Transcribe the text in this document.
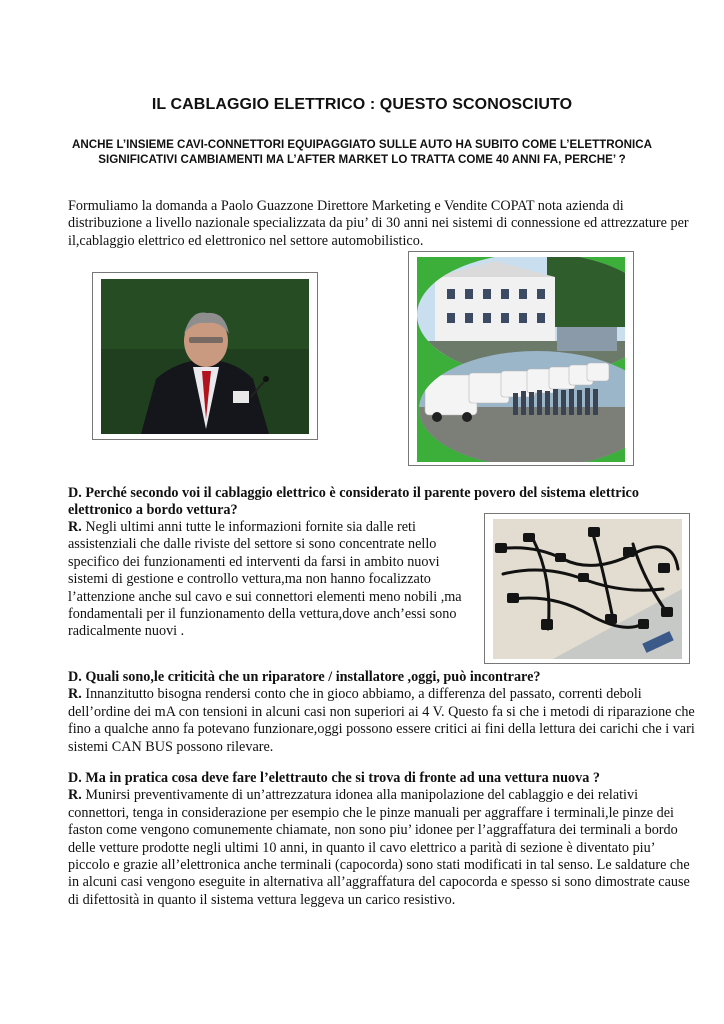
IL CABLAGGIO ELETTRICO : QUESTO SCONOSCIUTO
ANCHE L’INSIEME CAVI-CONNETTORI EQUIPAGGIATO SULLE AUTO HA SUBITO COME L’ELETTRONICA
SIGNIFICATIVI CAMBIAMENTI MA L’AFTER MARKET LO TRATTA COME 40 ANNI FA, PERCHE’ ?

Formuliamo la domanda a Paolo Guazzone Direttore Marketing e Vendite COPAT nota azienda di distribuzione a livello nazionale specializzata da piu’ di 30 anni nei sistemi di connessione ed attrezzature per il,cablaggio elettrico ed elettronico nel settore automobilistico.

D. Perché secondo voi il cablaggio elettrico è considerato il parente povero del sistema elettrico elettronico a bordo vettura?

R. Negli ultimi anni tutte le informazioni fornite sia dalle reti assistenziali che dalle riviste del settore si sono concentrate nello specifico dei funzionamenti ed interventi da farsi in ambito nuovi sistemi di gestione e controllo vettura,ma non hanno focalizzato l’attenzione anche sul cavo e sui connettori elementi meno nobili ,ma fondamentali per il funzionamento della vettura,dove anch’essi sono radicalmente nuovi .

D. Quali sono,le criticità che un riparatore / installatore ,oggi, può incontrare?
R. Innanzitutto bisogna rendersi conto che in gioco abbiamo, a differenza del passato, correnti deboli dell’ordine dei mA con tensioni in alcuni casi non superiori ai 4 V. Questo fa si che i metodi di riparazione che fino a qualche anno fa potevano funzionare,oggi possono essere critici ai fini della lettura dei carichi che i vari sistemi CAN BUS possono rilevare.

D. Ma in pratica cosa deve fare l’elettrauto che si trova di fronte ad una vettura nuova ?
R. Munirsi preventivamente di un’attrezzatura idonea alla manipolazione del cablaggio e dei relativi connettori, tenga in considerazione per esempio che le pinze manuali per aggraffare i terminali,le pinze dei faston come vengono comunemente chiamate, non sono piu’ idonee per l’aggraffatura dei terminali a bordo delle vetture prodotte negli ultimi 10 anni, in quanto il cavo elettrico a parità di sezione è diventato piu’ piccolo e grazie all’elettronica anche terminali (capocorda) sono stati modificati in tal senso. Le saldature che in alcuni casi vengono eseguite in alternativa all’aggraffatura del capocorda e spesso si sono dimostrate cause di difettosità in quanto il sistema vettura leggeva un carico resistivo.
